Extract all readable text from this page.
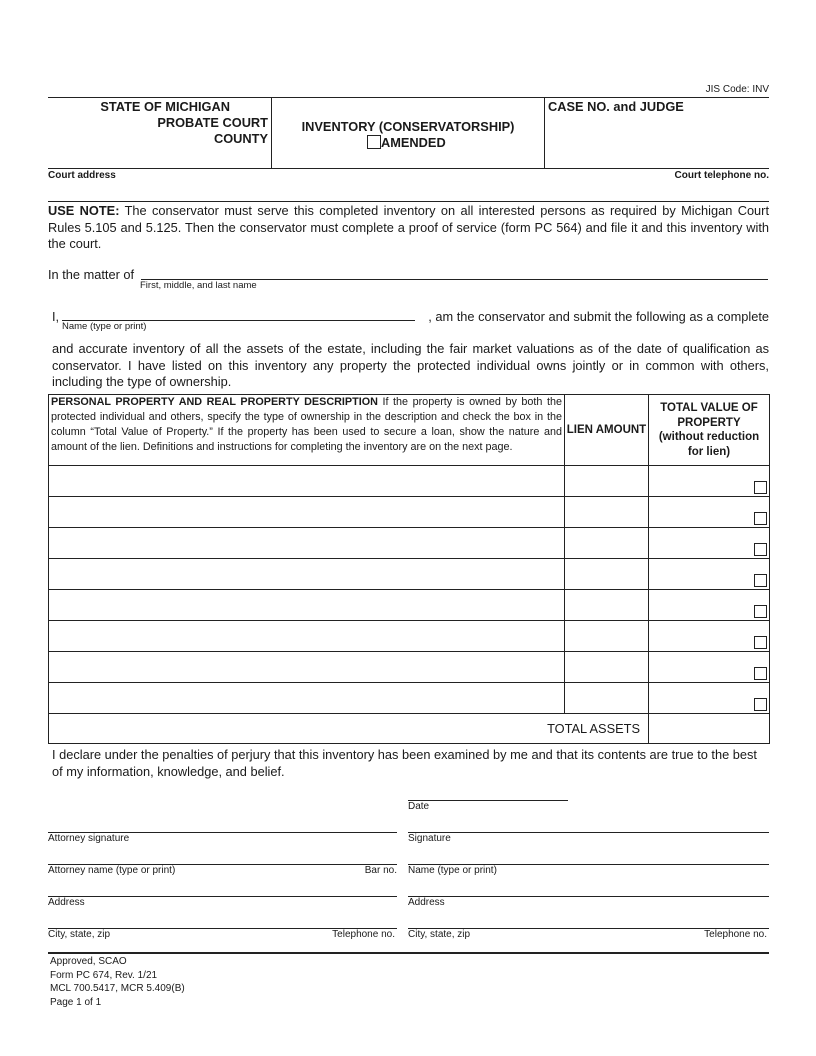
JIS Code: INV
STATE OF MICHIGAN
PROBATE COURT
COUNTY
INVENTORY (CONSERVATORSHIP)
AMENDED
CASE NO. and JUDGE
Court address	Court telephone no.
USE NOTE: The conservator must serve this completed inventory on all interested persons as required by Michigan Court Rules 5.105 and 5.125. Then the conservator must complete a proof of service (form PC 564) and file it and this inventory with the court.
In the matter of
First, middle, and last name
I,
Name (type or print)
, am the conservator and submit the following as a complete
and accurate inventory of all the assets of the estate, including the fair market valuations as of the date of qualification as conservator. I have listed on this inventory any property the protected individual owns jointly or in common with others, including the type of ownership.
PERSONAL PROPERTY AND REAL PROPERTY DESCRIPTION If the property is owned by both the protected individual and others, specify the type of ownership in the description and check the box in the column “Total Value of Property.” If the property has been used to secure a loan, show the nature and amount of the lien. Definitions and instructions for completing the inventory are on the next page.	LIEN AMOUNT	TOTAL VALUE OF PROPERTY (without reduction for lien)

TOTAL ASSETS		
I declare under the penalties of perjury that this inventory has been examined by me and that its contents are true to the best of my information, knowledge, and belief.
Date
Attorney signature	Signature
Attorney name (type or print)	Bar no. Name (type or print)
Address	Address
City, state, zip	Telephone no. City, state, zip	Telephone no.
Approved, SCAO
Form PC 674, Rev. 1/21
MCL 700.5417, MCR 5.409(B)
Page 1 of 1
